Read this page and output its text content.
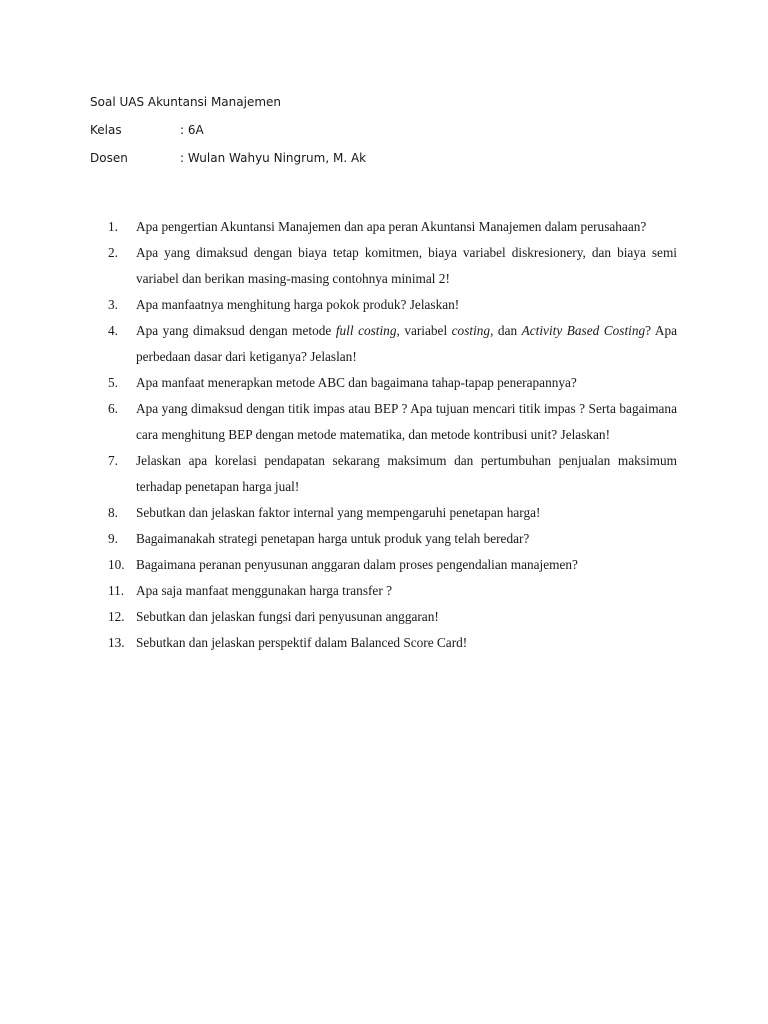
Soal UAS Akuntansi Manajemen
Kelas	: 6A
Dosen	: Wulan Wahyu Ningrum, M. Ak
1.	Apa pengertian Akuntansi Manajemen dan apa peran Akuntansi Manajemen dalam perusahaan?
2.	Apa yang dimaksud dengan biaya tetap komitmen, biaya variabel diskresionery, dan biaya semi variabel dan berikan masing-masing contohnya minimal 2!
3.	Apa manfaatnya menghitung harga pokok produk? Jelaskan!
4.	Apa yang dimaksud dengan metode full costing, variabel costing, dan Activity Based Costing? Apa perbedaan dasar dari ketiganya? Jelaslan!
5.	Apa manfaat menerapkan metode ABC dan bagaimana tahap-tapap penerapannya?
6.	Apa yang dimaksud dengan titik impas atau BEP ? Apa tujuan mencari titik impas ? Serta bagaimana cara menghitung BEP dengan metode matematika, dan metode kontribusi unit? Jelaskan!
7.	Jelaskan apa korelasi pendapatan sekarang maksimum dan pertumbuhan penjualan maksimum terhadap penetapan harga jual!
8.	Sebutkan dan jelaskan faktor internal yang mempengaruhi penetapan harga!
9.	Bagaimanakah strategi penetapan harga untuk produk yang telah beredar?
10. Bagaimana peranan penyusunan anggaran dalam proses pengendalian manajemen?
11. Apa saja manfaat menggunakan harga transfer ?
12. Sebutkan dan jelaskan fungsi dari penyusunan anggaran!
13. Sebutkan dan jelaskan perspektif dalam Balanced Score Card!
